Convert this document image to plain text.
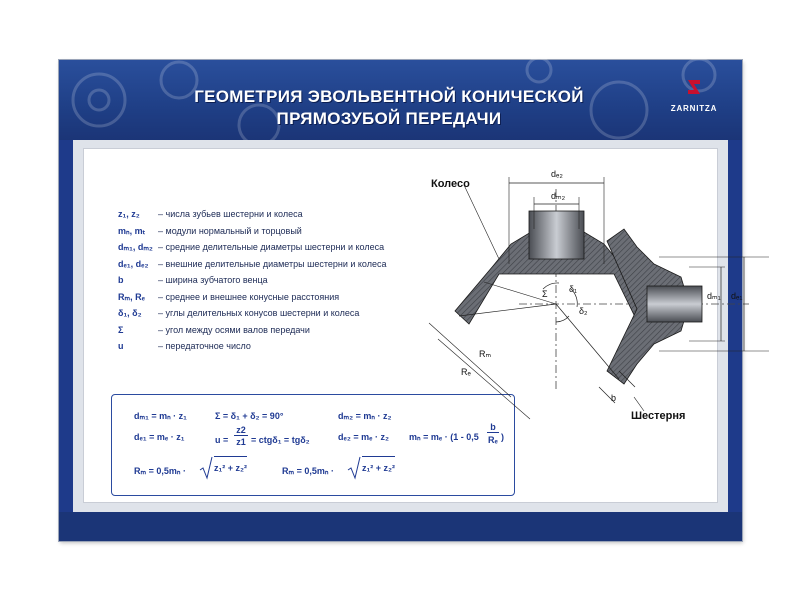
ГЕОМЕТРИЯ ЭВОЛЬВЕНТНОЙ КОНИЧЕСКОЙ
ПРЯМОЗУБОЙ ПЕРЕДАЧИ
ZARNITZA
z₁, z₂	– числа зубьев шестерни и колеса
mₙ, mₜ	– модули нормальный и торцовый
dₘ₁, dₘ₂ – средние делительные диаметры шестерни и колеса
dₑ₁, dₑ₂	– внешние делительные диаметры шестерни и колеса
b	– ширина зубчатого венца
Rₘ, Rₑ	– среднее и внешнее конусные расстояния
δ₁, δ₂	– углы делительных конусов шестерни и колеса
Σ	– угол между осями валов передачи
u	– передаточное число
dₘ₁ = mₙ · z₁	Σ = δ₁ + δ₂ = 90°	dₘ₂ = mₙ · z₂
dₑ₁ = mₑ · z₁	u =
z2
z1 = ctgδ₁ = tgδ₂	dₑ₂ = mₑ · z₂ mₙ = mₑ · (1 - 0,5
b
Rₑ )
Rₘ = 0,5mₙ ·	z₁² + z₂²	Rₘ = 0,5mₙ ·	z₁² + z₂²
Колесо
Шестерня
dₑ₂
dₘ₂
dₘ₁ dₑ₁
Rₘ
Rₑ
b
Σ δ₁
δ₂
